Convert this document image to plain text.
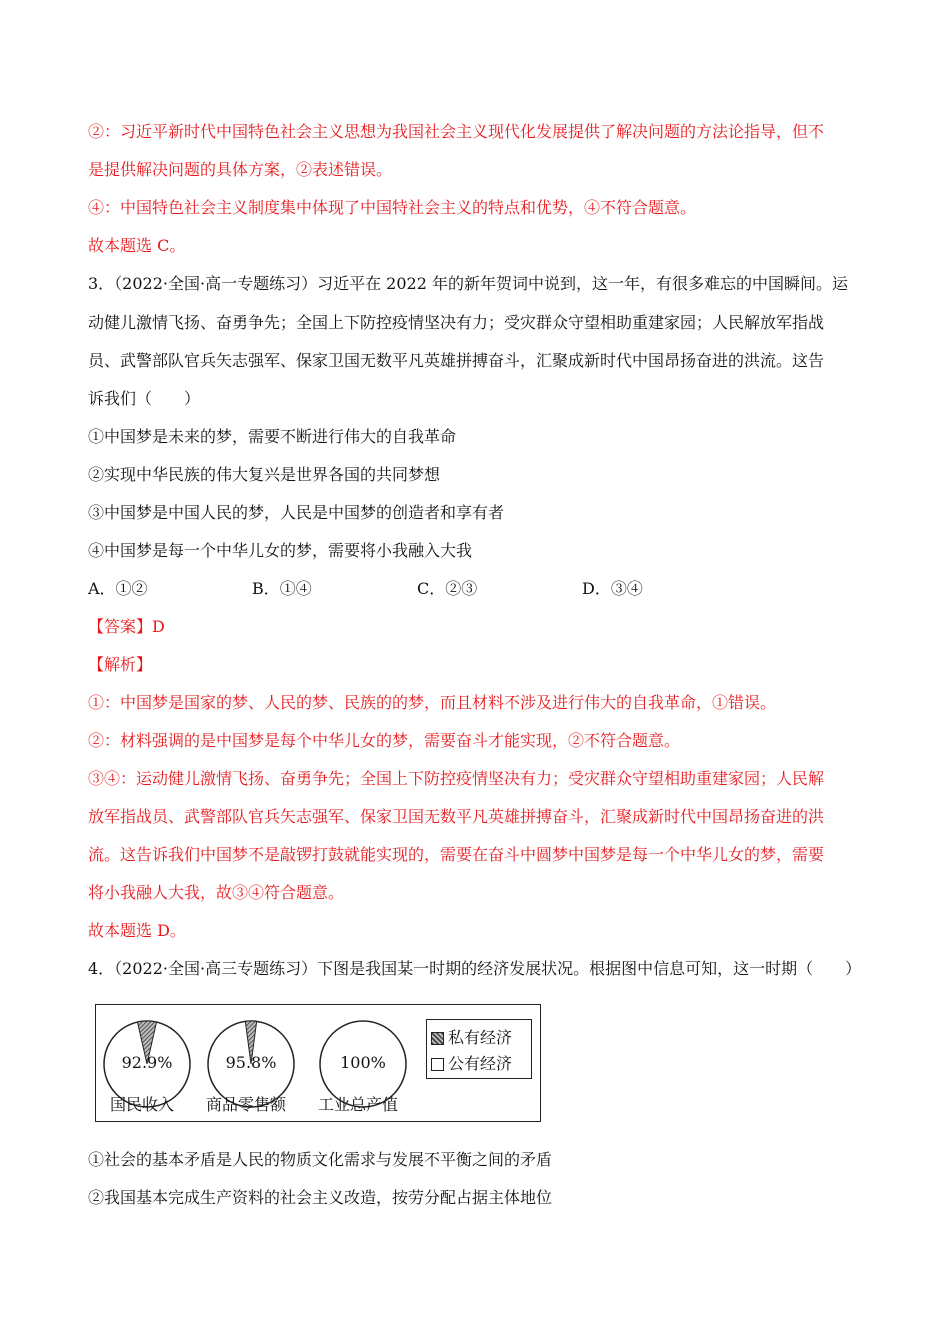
②：习近平新时代中国特色社会主义思想为我国社会主义现代化发展提供了解决问题的方法论指导，但不
是提供解决问题的具体方案，②表述错误。
④：中国特色社会主义制度集中体现了中国特社会主义的特点和优势，④不符合题意。
故本题选 C。
3．（2022·全国·高一专题练习）习近平在 2022 年的新年贺词中说到，这一年，有很多难忘的中国瞬间。运
动健儿激情飞扬、奋勇争先；全国上下防控疫情坚决有力；受灾群众守望相助重建家园；人民解放军指战
员、武警部队官兵矢志强军、保家卫国无数平凡英雄拼搏奋斗，汇聚成新时代中国昂扬奋进的洪流。这告
诉我们（　　）
①中国梦是未来的梦，需要不断进行伟大的自我革命
②实现中华民族的伟大复兴是世界各国的共同梦想
③中国梦是中国人民的梦，人民是中国梦的创造者和享有者
④中国梦是每一个中华儿女的梦，需要将小我融入大我
【答案】D
【解析】
①：中国梦是国家的梦、人民的梦、民族的的梦，而且材料不涉及进行伟大的自我革命，①错误。
②：材料强调的是中国梦是每个中华儿女的梦，需要奋斗才能实现，②不符合题意。
③④：运动健儿激情飞扬、奋勇争先；全国上下防控疫情坚决有力；受灾群众守望相助重建家园；人民解
放军指战员、武警部队官兵矢志强军、保家卫国无数平凡英雄拼搏奋斗，汇聚成新时代中国昂扬奋进的洪
流。这告诉我们中国梦不是敲锣打鼓就能实现的，需要在奋斗中圆梦中国梦是每一个中华儿女的梦，需要
将小我融人大我，故③④符合题意。
故本题选 D。
4．（2022·全国·高三专题练习）下图是我国某一时期的经济发展状况。根据图中信息可知，这一时期（　　）
①社会的基本矛盾是人民的物质文化需求与发展不平衡之间的矛盾
②我国基本完成生产资料的社会主义改造，按劳分配占据主体地位
A．①②	B．①④	C．②③	D．③④
92.9%
国民收入
95.8%
商品零售额
100%
工业总产值
私有经济
公有经济
